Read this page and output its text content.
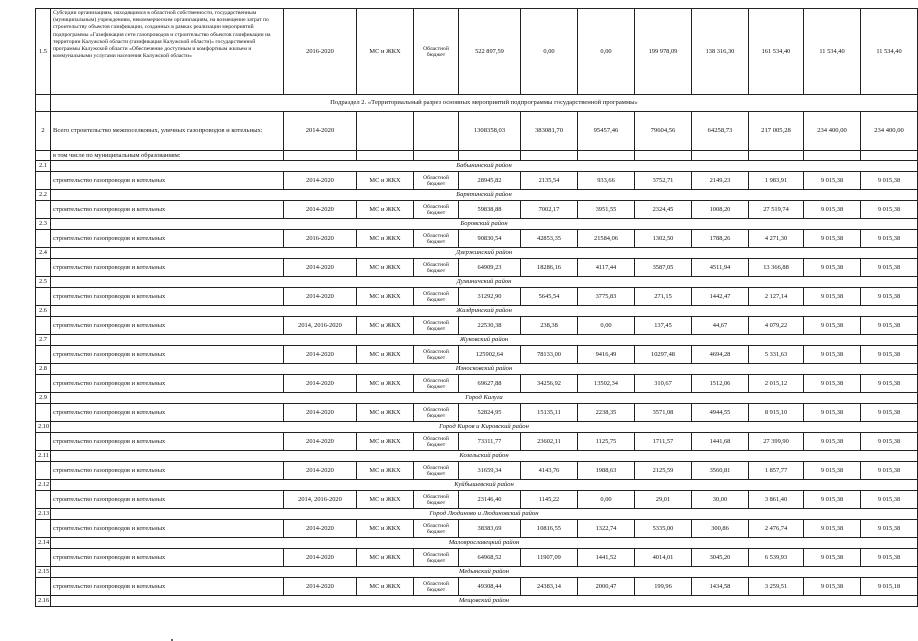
1.5	Субсидии организациям, находящимся в областной собственности, государственным (муниципальным) учреждениям, некоммерческим организациям, на возмещение затрат по строительству объектов газификации, созданных в рамках реализации мероприятий подпрограммы «Газификация сети газопроводов и строительство объектов газификации на территории Калужской области (газификация Калужской области)» государственной программы Калужской области «Обеспечение доступным и комфортным жильем и коммунальными услугами населения Калужской области»	2016-2020	МС и ЖКХ	Областной бюджет	522 897,59	0,00	0,00	199 978,09	138 316,30	161 534,40	11 534,40	11 534,40
	Подраздел 2. «Территориальный разрез основных мероприятий подпрограммы государственной программы»											
2	Всего строительство межпоселковых, уличных газопроводов и котельных:	2014-2020			1308358,03	383081,70	95457,46	79604,56	64258,73	217 005,28	234 400,00	234 400,00
	в том числе по муниципальным образованиям:											
2.1	Бабынинский район											
	строительство газопроводов и котельных	2014-2020	МС и ЖКХ	Областной бюджет	28945,82	2135,54	933,66	3752,71	2149,23	1 983,91	9 015,38	9 015,38
2.2	Барятинский район											
	строительство газопроводов и котельных	2014-2020	МС и ЖКХ	Областной бюджет	59838,88	7002,17	3951,55	2324,45	1008,20	27 519,74	9 015,38	9 015,38
2.3	Боровский район											
	строительство газопроводов и котельных	2016-2020	МС и ЖКХ	Областной бюджет	90830,54	42853,35	21584,06	1302,50	1788,26	4 271,30	9 015,38	9 015,38
2.4	Дзержинский район											
	строительство газопроводов и котельных	2014-2020	МС и ЖКХ	Областной бюджет	64909,23	18286,16	4117,44	3587,05	4511,94	13 366,88	9 015,38	9 015,38
2.5	Думиничский район											
	строительство газопроводов и котельных	2014-2020	МС и ЖКХ	Областной бюджет	31292,90	5645,54	3775,83	271,15	1442,47	2 127,14	9 015,38	9 015,38
2.6	Жиздринский район											
	строительство газопроводов и котельных	2014, 2016-2020	МС и ЖКХ	Областной бюджет	22530,38	238,38	0,00	137,45	44,67	4 079,22	9 015,38	9 015,38
2.7	Жуковский район											
	строительство газопроводов и котельных	2014-2020	МС и ЖКХ	Областной бюджет	125902,64	78133,00	9416,49	10297,48	4694,28	5 331,63	9 015,38	9 015,38
2.8	Износковский район											
	строительство газопроводов и котельных	2014-2020	МС и ЖКХ	Областной бюджет	69627,88	34256,92	13502,34	310,67	1512,06	2 015,12	9 015,38	9 015,38
2.9	Город Калуга											
	строительство газопроводов и котельных	2014-2020	МС и ЖКХ	Областной бюджет	52824,95	15135,11	2238,35	3571,08	4944,55	8 915,10	9 015,38	9 015,38
2.10	Город Киров и Кировский район											
	строительство газопроводов и котельных	2014-2020	МС и ЖКХ	Областной бюджет	73311,77	23602,11	1125,75	1711,57	1441,68	27 399,90	9 015,38	9 015,38
2.11	Козельский район											
	строительство газопроводов и котельных	2014-2020	МС и ЖКХ	Областной бюджет	31659,34	4143,76	1988,63	2125,59	3560,81	1 857,77	9 015,38	9 015,38
2.12	Куйбышевский район											
	строительство газопроводов и котельных	2014, 2016-2020	МС и ЖКХ	Областной бюджет	23146,40	1145,22	0,00	29,01	30,00	3 861,40	9 015,38	9 015,38
2.13	Город Людиново и Людиновский район											
	строительство газопроводов и котельных	2014-2020	МС и ЖКХ	Областной бюджет	38383,69	10816,55	1322,74	5335,00	300,86	2 476,74	9 015,38	9 015,38
2.14	Малоярославецкий район											
	строительство газопроводов и котельных	2014-2020	МС и ЖКХ	Областной бюджет	64968,52	11907,09	1441,52	4014,01	3045,20	6 539,93	9 015,38	9 015,38
2.15	Медынский район											
	строительство газопроводов и котельных	2014-2020	МС и ЖКХ	Областной бюджет	49308,44	24383,14	2000,47	199,96	1434,58	3 259,51	9 015,38	9 015,18
2.16	Мещовский район											
